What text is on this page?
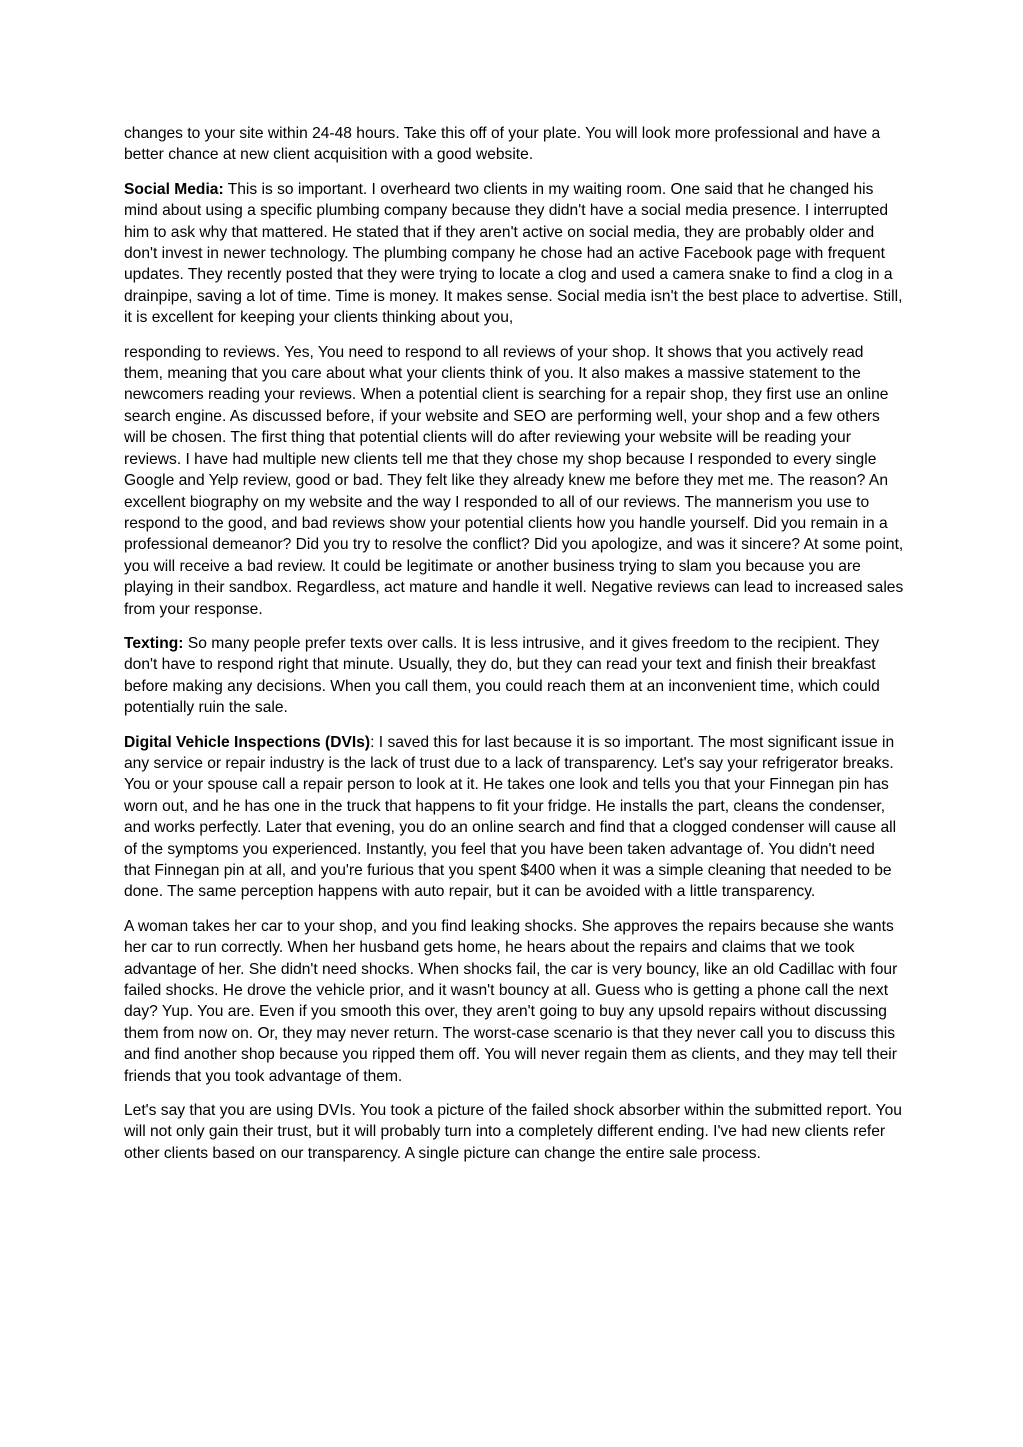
changes to your site within 24-48 hours. Take this off of your plate. You will look more professional and have a better chance at new client acquisition with a good website.

Social Media: This is so important. I overheard two clients in my waiting room. One said that he changed his mind about using a specific plumbing company because they didn't have a social media presence. I interrupted him to ask why that mattered. He stated that if they aren't active on social media, they are probably older and don't invest in newer technology. The plumbing company he chose had an active Facebook page with frequent updates. They recently posted that they were trying to locate a clog and used a camera snake to find a clog in a drainpipe, saving a lot of time. Time is money. It makes sense. Social media isn't the best place to advertise. Still, it is excellent for keeping your clients thinking about you,

responding to reviews. Yes, You need to respond to all reviews of your shop. It shows that you actively read them, meaning that you care about what your clients think of you. It also makes a massive statement to the newcomers reading your reviews. When a potential client is searching for a repair shop, they first use an online search engine. As discussed before, if your website and SEO are performing well, your shop and a few others will be chosen. The first thing that potential clients will do after reviewing your website will be reading your reviews. I have had multiple new clients tell me that they chose my shop because I responded to every single Google and Yelp review, good or bad. They felt like they already knew me before they met me. The reason? An excellent biography on my website and the way I responded to all of our reviews. The mannerism you use to respond to the good, and bad reviews show your potential clients how you handle yourself. Did you remain in a professional demeanor? Did you try to resolve the conflict? Did you apologize, and was it sincere? At some point, you will receive a bad review. It could be legitimate or another business trying to slam you because you are playing in their sandbox. Regardless, act mature and handle it well. Negative reviews can lead to increased sales from your response.

Texting: So many people prefer texts over calls. It is less intrusive, and it gives freedom to the recipient. They don't have to respond right that minute. Usually, they do, but they can read your text and finish their breakfast before making any decisions. When you call them, you could reach them at an inconvenient time, which could potentially ruin the sale.

Digital Vehicle Inspections (DVIs): I saved this for last because it is so important. The most significant issue in any service or repair industry is the lack of trust due to a lack of transparency. Let's say your refrigerator breaks. You or your spouse call a repair person to look at it. He takes one look and tells you that your Finnegan pin has worn out, and he has one in the truck that happens to fit your fridge. He installs the part, cleans the condenser, and works perfectly. Later that evening, you do an online search and find that a clogged condenser will cause all of the symptoms you experienced. Instantly, you feel that you have been taken advantage of. You didn't need that Finnegan pin at all, and you're furious that you spent $400 when it was a simple cleaning that needed to be done. The same perception happens with auto repair, but it can be avoided with a little transparency.

A woman takes her car to your shop, and you find leaking shocks. She approves the repairs because she wants her car to run correctly. When her husband gets home, he hears about the repairs and claims that we took advantage of her. She didn't need shocks. When shocks fail, the car is very bouncy, like an old Cadillac with four failed shocks. He drove the vehicle prior, and it wasn't bouncy at all. Guess who is getting a phone call the next day? Yup. You are. Even if you smooth this over, they aren't going to buy any upsold repairs without discussing them from now on. Or, they may never return. The worst-case scenario is that they never call you to discuss this and find another shop because you ripped them off. You will never regain them as clients, and they may tell their friends that you took advantage of them.

Let's say that you are using DVIs. You took a picture of the failed shock absorber within the submitted report. You will not only gain their trust, but it will probably turn into a completely different ending. I've had new clients refer other clients based on our transparency. A single picture can change the entire sale process.
